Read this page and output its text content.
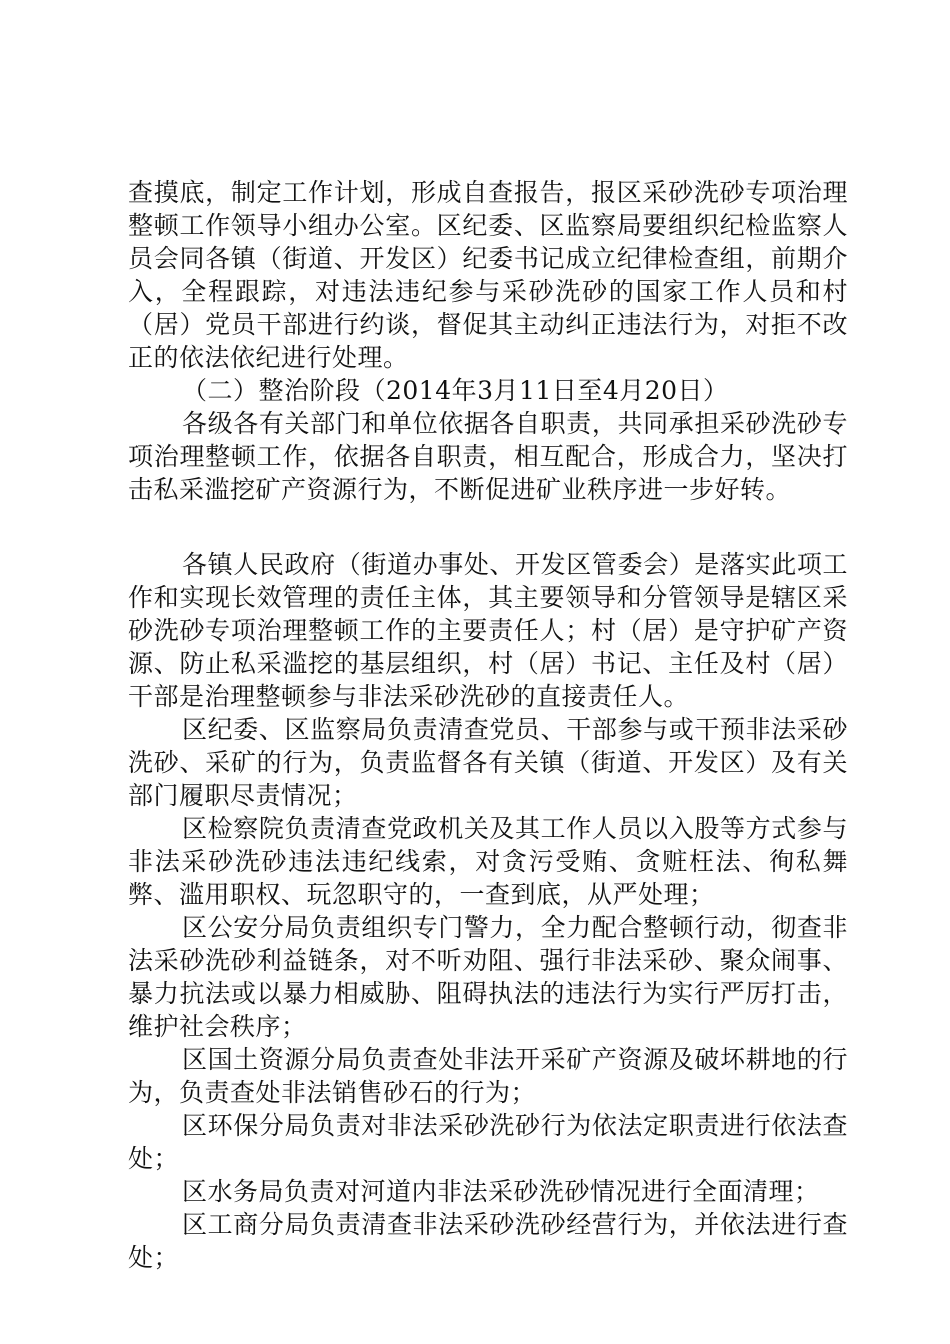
查摸底，制定工作计划，形成自查报告，报区采砂洗砂专项治理整顿工作领导小组办公室。区纪委、区监察局要组织纪检监察人员会同各镇（街道、开发区）纪委书记成立纪律检查组，前期介入，全程跟踪，对违法违纪参与采砂洗砂的国家工作人员和村（居）党员干部进行约谈，督促其主动纠正违法行为，对拒不改正的依法依纪进行处理。

（二）整治阶段（2014年3月11日至4月20日）

各级各有关部门和单位依据各自职责，共同承担采砂洗砂专项治理整顿工作，依据各自职责，相互配合，形成合力，坚决打击私采滥挖矿产资源行为，不断促进矿业秩序进一步好转。

各镇人民政府（街道办事处、开发区管委会）是落实此项工作和实现长效管理的责任主体，其主要领导和分管领导是辖区采砂洗砂专项治理整顿工作的主要责任人；村（居）是守护矿产资源、防止私采滥挖的基层组织，村（居）书记、主任及村（居）干部是治理整顿参与非法采砂洗砂的直接责任人。

区纪委、区监察局负责清查党员、干部参与或干预非法采砂洗砂、采矿的行为，负责监督各有关镇（街道、开发区）及有关部门履职尽责情况；

区检察院负责清查党政机关及其工作人员以入股等方式参与非法采砂洗砂违法违纪线索，对贪污受贿、贪赃枉法、徇私舞弊、滥用职权、玩忽职守的，一查到底，从严处理；

区公安分局负责组织专门警力，全力配合整顿行动，彻查非法采砂洗砂利益链条，对不听劝阻、强行非法采砂、聚众闹事、暴力抗法或以暴力相威胁、阻碍执法的违法行为实行严厉打击，维护社会秩序；

区国土资源分局负责查处非法开采矿产资源及破坏耕地的行为，负责查处非法销售砂石的行为；

区环保分局负责对非法采砂洗砂行为依法定职责进行依法查处；

区水务局负责对河道内非法采砂洗砂情况进行全面清理；

区工商分局负责清查非法采砂洗砂经营行为，并依法进行查处；
